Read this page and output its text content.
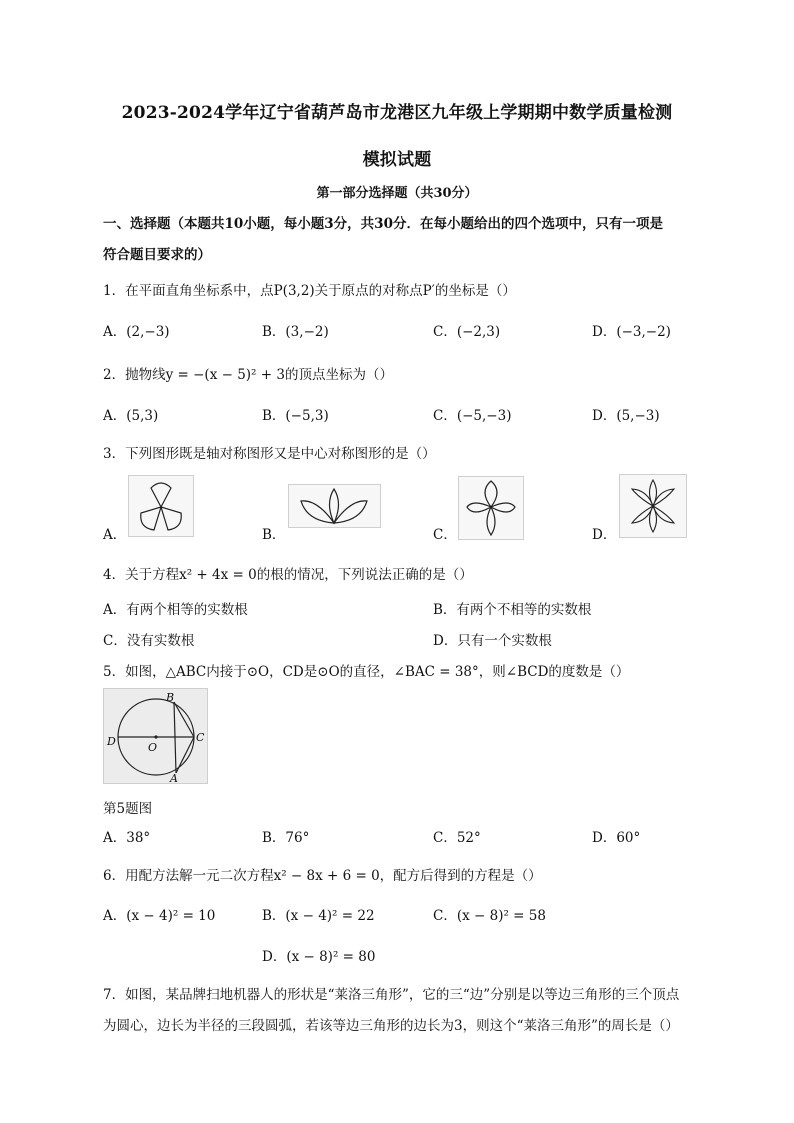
2023-2024学年辽宁省葫芦岛市龙港区九年级上学期期中数学质量检测
模拟试题
第一部分选择题（共30分）
一、选择题（本题共10小题，每小题3分，共30分．在每小题给出的四个选项中，只有一项是
符合题目要求的）
1．在平面直角坐标系中，点P(3,2)关于原点的对称点P′的坐标是（）
A．(2,−3)	B．(3,−2)	C．(−2,3)	D．(−3,−2)
2．抛物线y = −(x − 5)² + 3的顶点坐标为（）
A．(5,3)	B．(−5,3)	C．(−5,−3)	D．(5,−3)
3．下列图形既是轴对称图形又是中心对称图形的是（）
A．	B．	C．	D．
4．关于方程x² + 4x = 0的根的情况，下列说法正确的是（）
A．有两个相等的实数根	B．有两个不相等的实数根
C．没有实数根	D．只有一个实数根
5．如图，△ABC内接于⊙O，CD是⊙O的直径，∠BAC = 38°，则∠BCD的度数是（）
B
D	O
C
A
第5题图
A．38°	B．76°	C．52°	D．60°
6．用配方法解一元二次方程x² − 8x + 6 = 0，配方后得到的方程是（）
A．(x − 4)² = 10	B．(x − 4)² = 22	C．(x − 8)² = 58
D．(x − 8)² = 80
7．如图，某品牌扫地机器人的形状是“莱洛三角形”，它的三“边”分别是以等边三角形的三个顶点
为圆心，边长为半径的三段圆弧，若该等边三角形的边长为3，则这个“莱洛三角形”的周长是（）
